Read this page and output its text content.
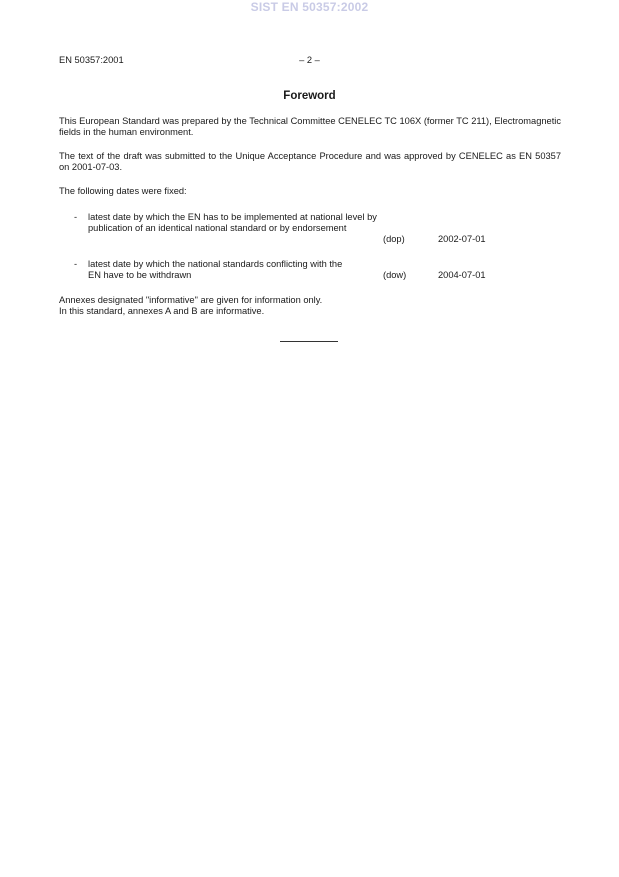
SIST EN 50357:2002
EN 50357:2001	– 2 –
Foreword
This European Standard was prepared by the Technical Committee CENELEC TC 106X (former TC 211), Electromagnetic fields in the human environment.
The text of the draft was submitted to the Unique Acceptance Procedure and was approved by CENELEC as EN 50357 on 2001-07-03.
The following dates were fixed:
- latest date by which the EN has to be implemented at national level by publication of an identical national standard or by endorsement
(dop)	2002-07-01
- latest date by which the national standards conflicting with the EN have to be withdrawn	(dow)	2004-07-01
Annexes designated "informative" are given for information only.
In this standard, annexes A and B are informative.
